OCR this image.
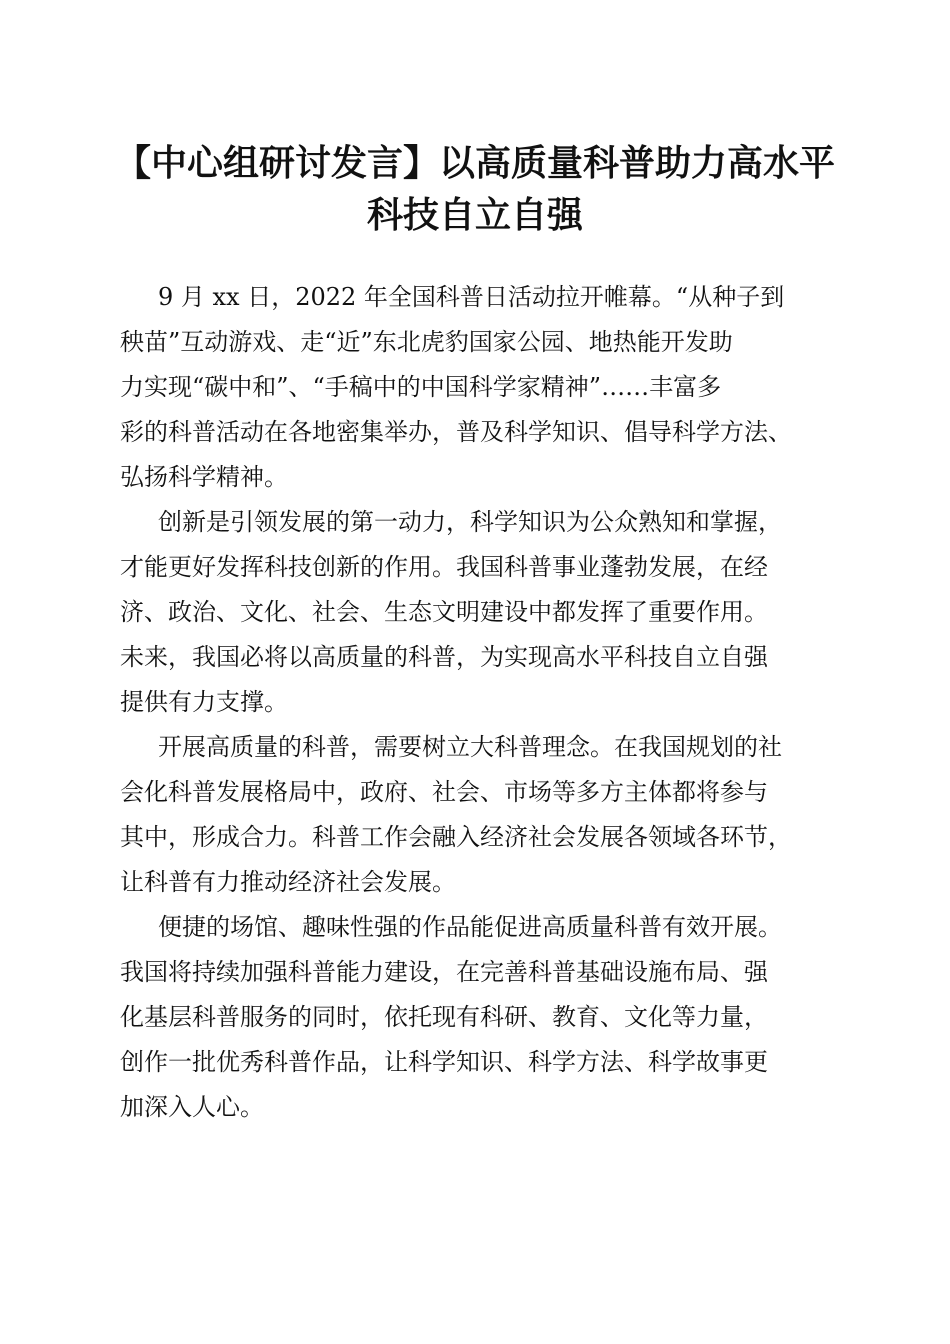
【中心组研讨发言】以高质量科普助力高水平
科技自立自强
9 月 xx 日，2022 年全国科普日活动拉开帷幕。“从种子到
秧苗”互动游戏、走“近”东北虎豹国家公园、地热能开发助
力实现“碳中和”、“手稿中的中国科学家精神”……丰富多
彩的科普活动在各地密集举办，普及科学知识、倡导科学方法、
弘扬科学精神。
创新是引领发展的第一动力，科学知识为公众熟知和掌握，
才能更好发挥科技创新的作用。我国科普事业蓬勃发展，在经
济、政治、文化、社会、生态文明建设中都发挥了重要作用。
未来，我国必将以高质量的科普，为实现高水平科技自立自强
提供有力支撑。
开展高质量的科普，需要树立大科普理念。在我国规划的社
会化科普发展格局中，政府、社会、市场等多方主体都将参与
其中，形成合力。科普工作会融入经济社会发展各领域各环节，
让科普有力推动经济社会发展。
便捷的场馆、趣味性强的作品能促进高质量科普有效开展。
我国将持续加强科普能力建设，在完善科普基础设施布局、强
化基层科普服务的同时，依托现有科研、教育、文化等力量，
创作一批优秀科普作品，让科学知识、科学方法、科学故事更
加深入人心。
